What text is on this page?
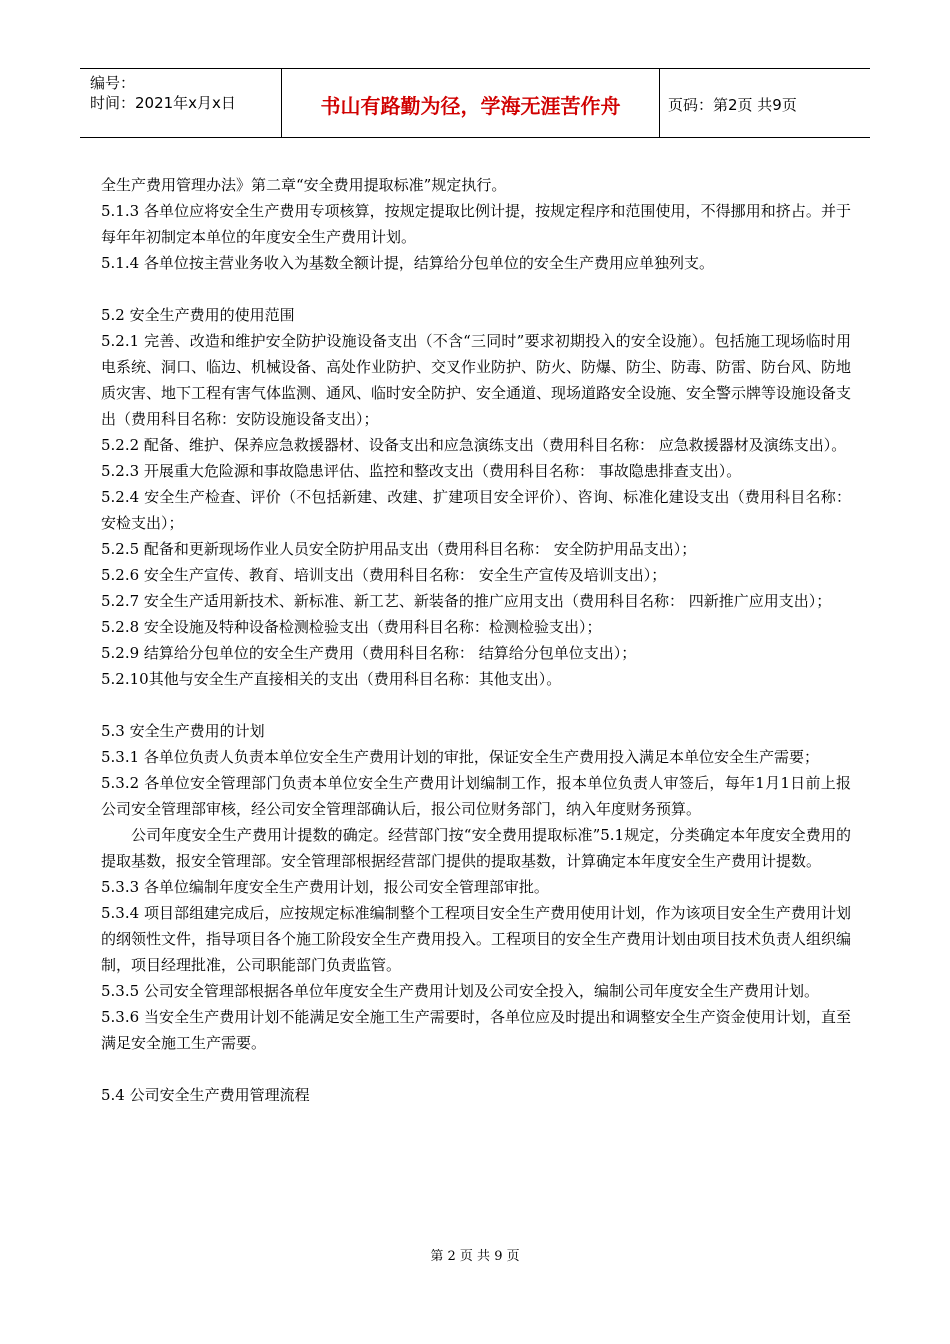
编号：
时间：2021年x月x日	书山有路勤为径，学海无涯苦作舟	页码：第2页 共9页

全生产费用管理办法》第二章“安全费用提取标准”规定执行。

5.1.3 各单位应将安全生产费用专项核算，按规定提取比例计提，按规定程序和范围使用，不得挪用和挤占。并于每年年初制定本单位的年度安全生产费用计划。

5.1.4 各单位按主营业务收入为基数全额计提，结算给分包单位的安全生产费用应单独列支。

5.2 安全生产费用的使用范围

5.2.1 完善、改造和维护安全防护设施设备支出（不含“三同时”要求初期投入的安全设施）。包括施工现场临时用电系统、洞口、临边、机械设备、高处作业防护、交叉作业防护、防火、防爆、防尘、防毒、防雷、防台风、防地质灾害、地下工程有害气体监测、通风、临时安全防护、安全通道、现场道路安全设施、安全警示牌等设施设备支出（费用科目名称：安防设施设备支出）；

5.2.2 配备、维护、保养应急救援器材、设备支出和应急演练支出（费用科目名称： 应急救援器材及演练支出）。

5.2.3 开展重大危险源和事故隐患评估、监控和整改支出（费用科目名称： 事故隐患排查支出）。

5.2.4 安全生产检查、评价（不包括新建、改建、扩建项目安全评价）、咨询、标准化建设支出（费用科目名称： 安检支出）；

5.2.5 配备和更新现场作业人员安全防护用品支出（费用科目名称： 安全防护用品支出）；

5.2.6 安全生产宣传、教育、培训支出（费用科目名称： 安全生产宣传及培训支出）；

5.2.7 安全生产适用新技术、新标准、新工艺、新装备的推广应用支出（费用科目名称： 四新推广应用支出）；

5.2.8 安全设施及特种设备检测检验支出（费用科目名称：检测检验支出）；

5.2.9 结算给分包单位的安全生产费用（费用科目名称： 结算给分包单位支出）；

5.2.10其他与安全生产直接相关的支出（费用科目名称：其他支出）。

5.3 安全生产费用的计划

5.3.1 各单位负责人负责本单位安全生产费用计划的审批，保证安全生产费用投入满足本单位安全生产需要；

5.3.2 各单位安全管理部门负责本单位安全生产费用计划编制工作，报本单位负责人审签后，每年1月1日前上报公司安全管理部审核，经公司安全管理部确认后，报公司位财务部门，纳入年度财务预算。

公司年度安全生产费用计提数的确定。经营部门按“安全费用提取标准”5.1规定，分类确定本年度安全费用的提取基数，报安全管理部。安全管理部根据经营部门提供的提取基数，计算确定本年度安全生产费用计提数。

5.3.3 各单位编制年度安全生产费用计划，报公司安全管理部审批。

5.3.4 项目部组建完成后，应按规定标准编制整个工程项目安全生产费用使用计划，作为该项目安全生产费用计划的纲领性文件，指导项目各个施工阶段安全生产费用投入。工程项目的安全生产费用计划由项目技术负责人组织编制，项目经理批准，公司职能部门负责监管。

5.3.5 公司安全管理部根据各单位年度安全生产费用计划及公司安全投入，编制公司年度安全生产费用计划。

5.3.6 当安全生产费用计划不能满足安全施工生产需要时，各单位应及时提出和调整安全生产资金使用计划，直至满足安全施工生产需要。

5.4 公司安全生产费用管理流程

第 2 页 共 9 页
